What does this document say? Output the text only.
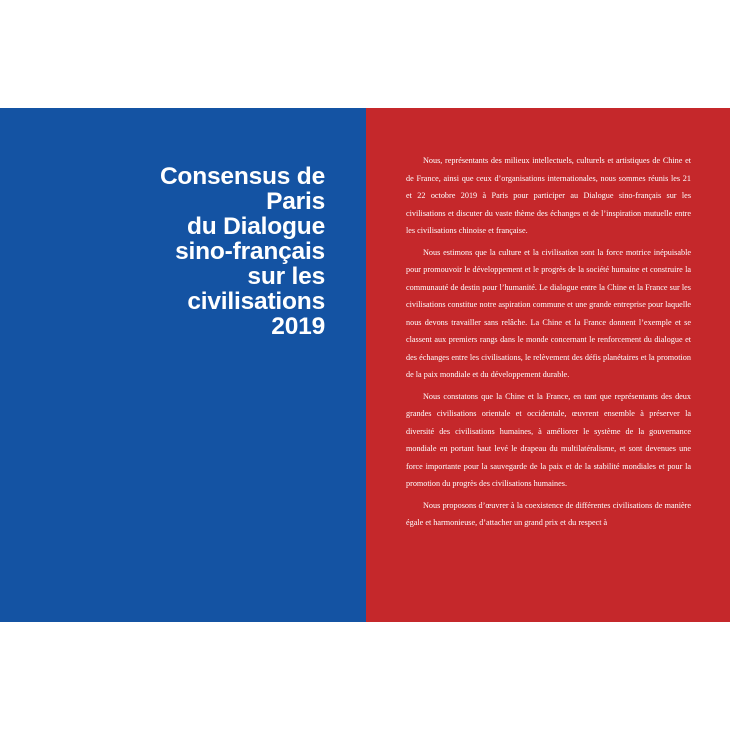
Consensus de
Paris
du Dialogue
sino-français
sur les
civilisations
2019

Nous, représentants des milieux intellectuels, culturels et artistiques de Chine et de France, ainsi que ceux d’organisations internationales, nous sommes réunis les 21 et 22 octobre 2019 à Paris pour participer au Dialogue sino-français sur les civilisations et discuter du vaste thème des échanges et de l’inspiration mutuelle entre les civilisations chinoise et française.

Nous estimons que la culture et la civilisation sont la force motrice inépuisable pour promouvoir le développement et le progrès de la société humaine et construire la communauté de destin pour l’humanité. Le dialogue entre la Chine et la France sur les civilisations constitue notre aspiration commune et une grande entreprise pour laquelle nous devons travailler sans relâche. La Chine et la France donnent l’exemple et se classent aux premiers rangs dans le monde concernant le renforcement du dialogue et des échanges entre les civilisations, le relèvement des défis planétaires et la promotion de la paix mondiale et du développement durable.

Nous constatons que la Chine et la France, en tant que représentants des deux grandes civilisations orientale et occidentale, œuvrent ensemble à préserver la diversité des civilisations humaines, à améliorer le système de la gouvernance mondiale en portant haut levé le drapeau du multilatéralisme, et sont devenues une force importante pour la sauvegarde de la paix et de la stabilité mondiales et pour la promotion du progrès des civilisations humaines.

Nous proposons d’œuvrer à la coexistence de différentes civilisations de manière égale et harmonieuse, d’attacher un grand prix et du respect à
